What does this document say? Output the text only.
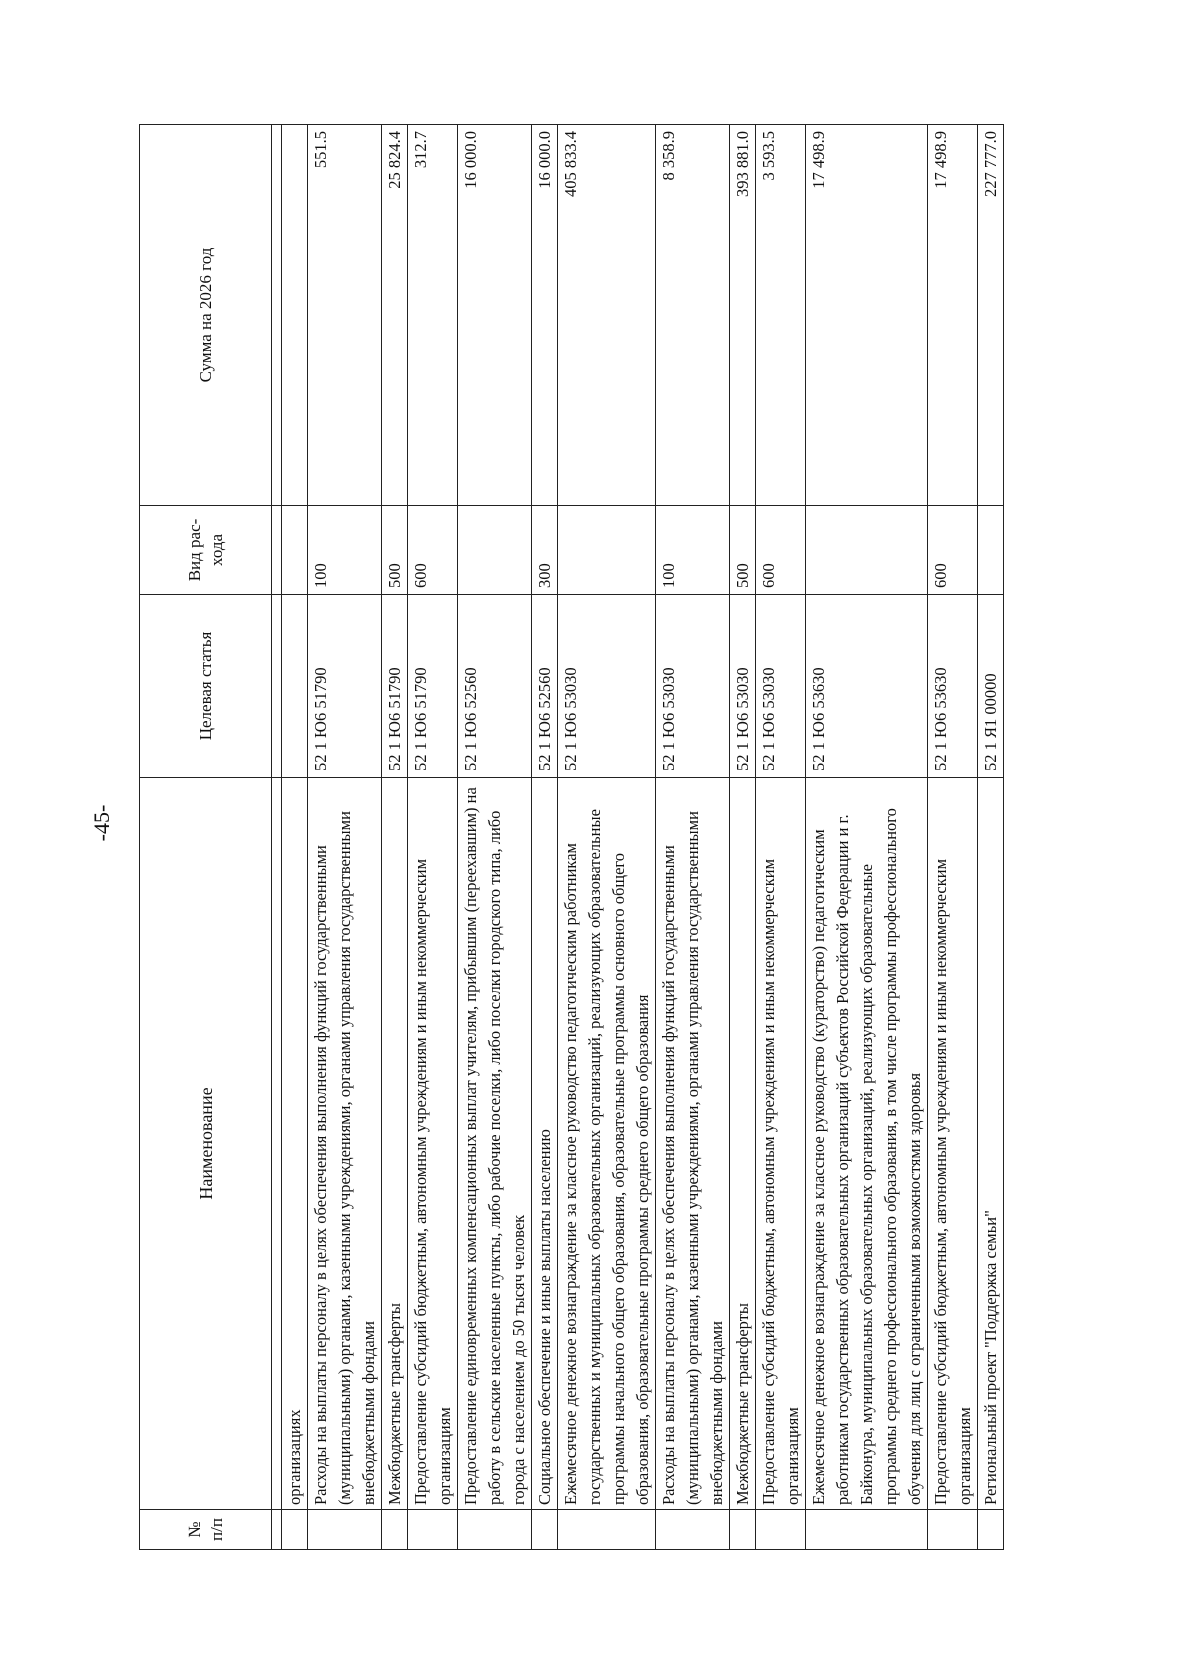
-45-
№ п/п	Наименование	Целевая статья	Вид рас-хода	Сумма на 2026 год

	организациях			
	Расходы на выплаты персоналу в целях обеспечения выполнения функций государственными (муниципальными) органами, казенными учреждениями, органами управления государственными внебюджетными фондами	52 1 Ю6 51790	100	551.5
	Межбюджетные трансферты	52 1 Ю6 51790	500	25 824.4
	Предоставление субсидий бюджетным, автономным учреждениям и иным некоммерческим организациям	52 1 Ю6 51790	600	312.7
	Предоставление единовременных компенсационных выплат учителям, прибывшим (переехавшим) на работу в сельские населенные пункты, либо рабочие поселки, либо поселки городского типа, либо города с населением до 50 тысяч человек	52 1 Ю6 52560		16 000.0
	Социальное обеспечение и иные выплаты населению	52 1 Ю6 52560	300	16 000.0
	Ежемесячное денежное вознаграждение за классное руководство педагогическим работникам государственных и муниципальных образовательных организаций, реализующих образовательные программы начального общего образования, образовательные программы основного общего образования, образовательные программы среднего общего образования	52 1 Ю6 53030		405 833.4
	Расходы на выплаты персоналу в целях обеспечения выполнения функций государственными (муниципальными) органами, казенными учреждениями, органами управления государственными внебюджетными фондами	52 1 Ю6 53030	100	8 358.9
	Межбюджетные трансферты	52 1 Ю6 53030	500	393 881.0
	Предоставление субсидий бюджетным, автономным учреждениям и иным некоммерческим организациям	52 1 Ю6 53030	600	3 593.5
	Ежемесячное денежное вознаграждение за классное руководство (кураторство) педагогическим работникам государственных образовательных организаций субъектов Российской Федерации и г. Байконура, муниципальных образовательных организаций, реализующих образовательные программы среднего профессионального образования, в том числе программы профессионального обучения для лиц с ограниченными возможностями здоровья	52 1 Ю6 53630		17 498.9
	Предоставление субсидий бюджетным, автономным учреждениям и иным некоммерческим организациям	52 1 Ю6 53630	600	17 498.9
	Региональный проект "Поддержка семьи"	52 1 Я1 00000		227 777.0
